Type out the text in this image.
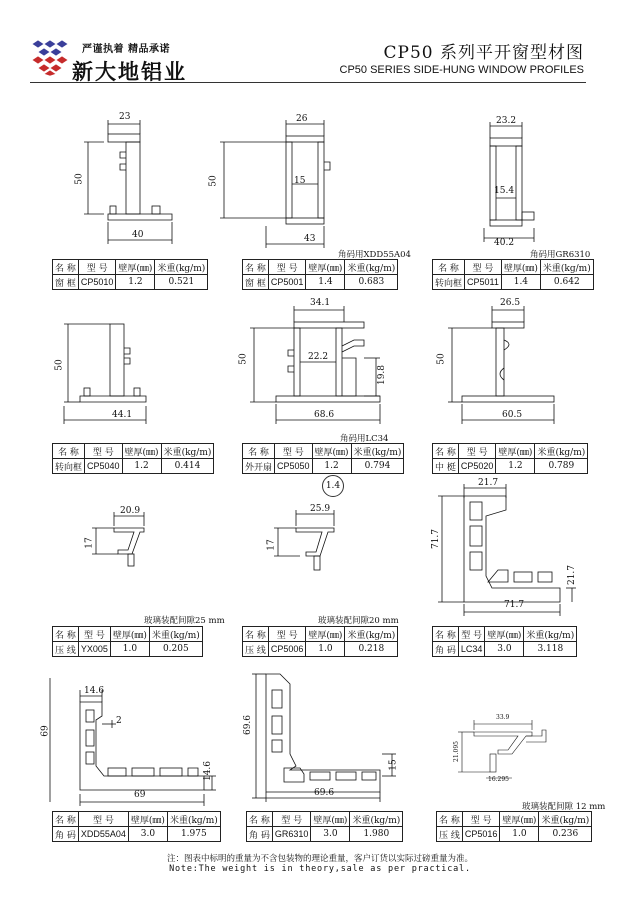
严谨执着 精品承诺
新大地铝业
CP50 系列平开窗型材图
CP50 SERIES SIDE-HUNG WINDOW PROFILES
23
50
40
26
50	15
43
23.2
15.4
40.2
角码用XDD55A04	角码用GR6310
名 称	型 号	壁厚(㎜)	米重(kg/m)
窗 框	CP5010	1.2	0.521
名 称	型 号	壁厚(㎜)	米重(kg/m)
窗 框	CP5001	1.4	0.683
名 称	型 号	壁厚(㎜)	米重(kg/m)
转向框	CP5011	1.4	0.642
50
44.1
34.1
50	22.2
19.8
68.6
26.5
50
60.5
角码用LC34
名 称	型 号	壁厚(㎜)	米重(kg/m)
转向框	CP5040	1.2	0.414
名 称	型 号	壁厚(㎜)	米重(kg/m)
外开扇	CP5050	1.2	0.794
名 称	型 号	壁厚(㎜)	米重(kg/m)
中 梃	CP5020	1.2	0.789
1.4
20.9
17
25.9
17
21.7
71.7
21.7
71.7
玻璃装配间隙25 mm	玻璃装配间隙20 mm
名 称	型 号	壁厚(㎜)	米重(kg/m)
压 线	YX005	1.0	0.205
名 称	型 号	壁厚(㎜)	米重(kg/m)
压 线	CP5006	1.0	0.218
名 称	型 号	壁厚(㎜)	米重(kg/m)
角 码	LC34	3.0	3.118
14.6
69
2
14.6
69
69.6
15
69.6
33.9
21.095
16.295
玻璃装配间隙 12 mm
名 称	型 号	壁厚(㎜)	米重(kg/m)
角 码	XDD55A04	3.0	1.975
名 称	型 号	壁厚(㎜)	米重(kg/m)
角 码	GR6310	3.0	1.980
名 称	型 号	壁厚(㎜)	米重(kg/m)
压 线	CP5016	1.0	0.236
注：图表中标明的重量为不含包装物的理论重量，客户订货以实际过磅重量为准。
Note:The weight is in theory,sale as per practical.
